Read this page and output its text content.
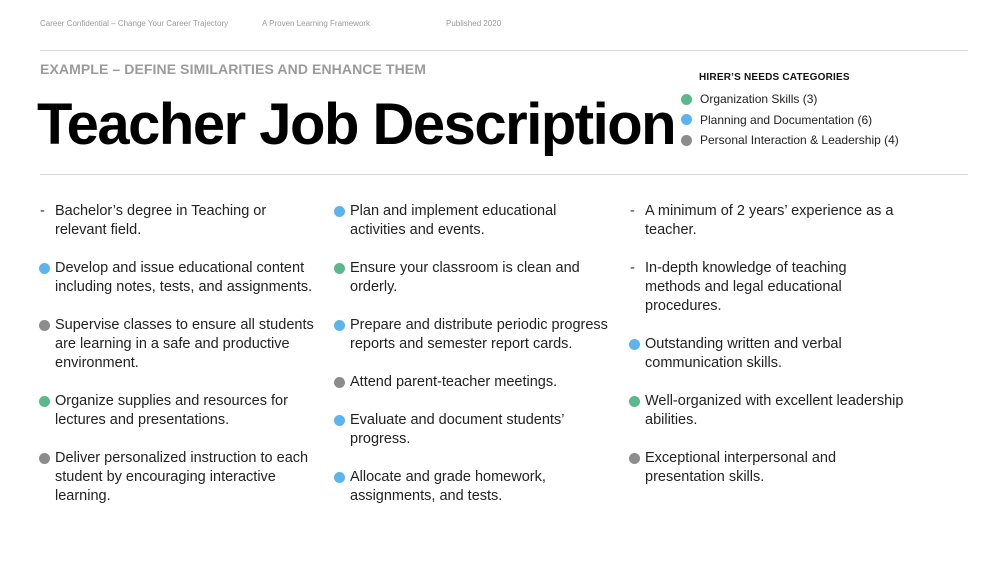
Career Confidential – Change Your Career Trajectory	A Proven Learning Framework	Published 2020
EXAMPLE – DEFINE SIMILARITIES AND ENHANCE THEM
Teacher Job Description
HIRER’S NEEDS CATEGORIES
Organization Skills (3)
Planning and Documentation (6)
Personal Interaction & Leadership (4)
- Bachelor’s degree in Teaching or relevant field.
Develop and issue educational content including notes, tests, and assignments.
Supervise classes to ensure all students are learning in a safe and productive environment.
Organize supplies and resources for lectures and presentations.
Deliver personalized instruction to each student by encouraging interactive learning.
Plan and implement educational activities and events.
Ensure your classroom is clean and orderly.
Prepare and distribute periodic progress reports and semester report cards.
Attend parent-teacher meetings.
Evaluate and document students’ progress.
Allocate and grade homework, assignments, and tests.
- A minimum of 2 years’ experience as a teacher.
- In-depth knowledge of teaching methods and legal educational procedures.
Outstanding written and verbal communication skills.
Well-organized with excellent leadership abilities.
Exceptional interpersonal and presentation skills.
